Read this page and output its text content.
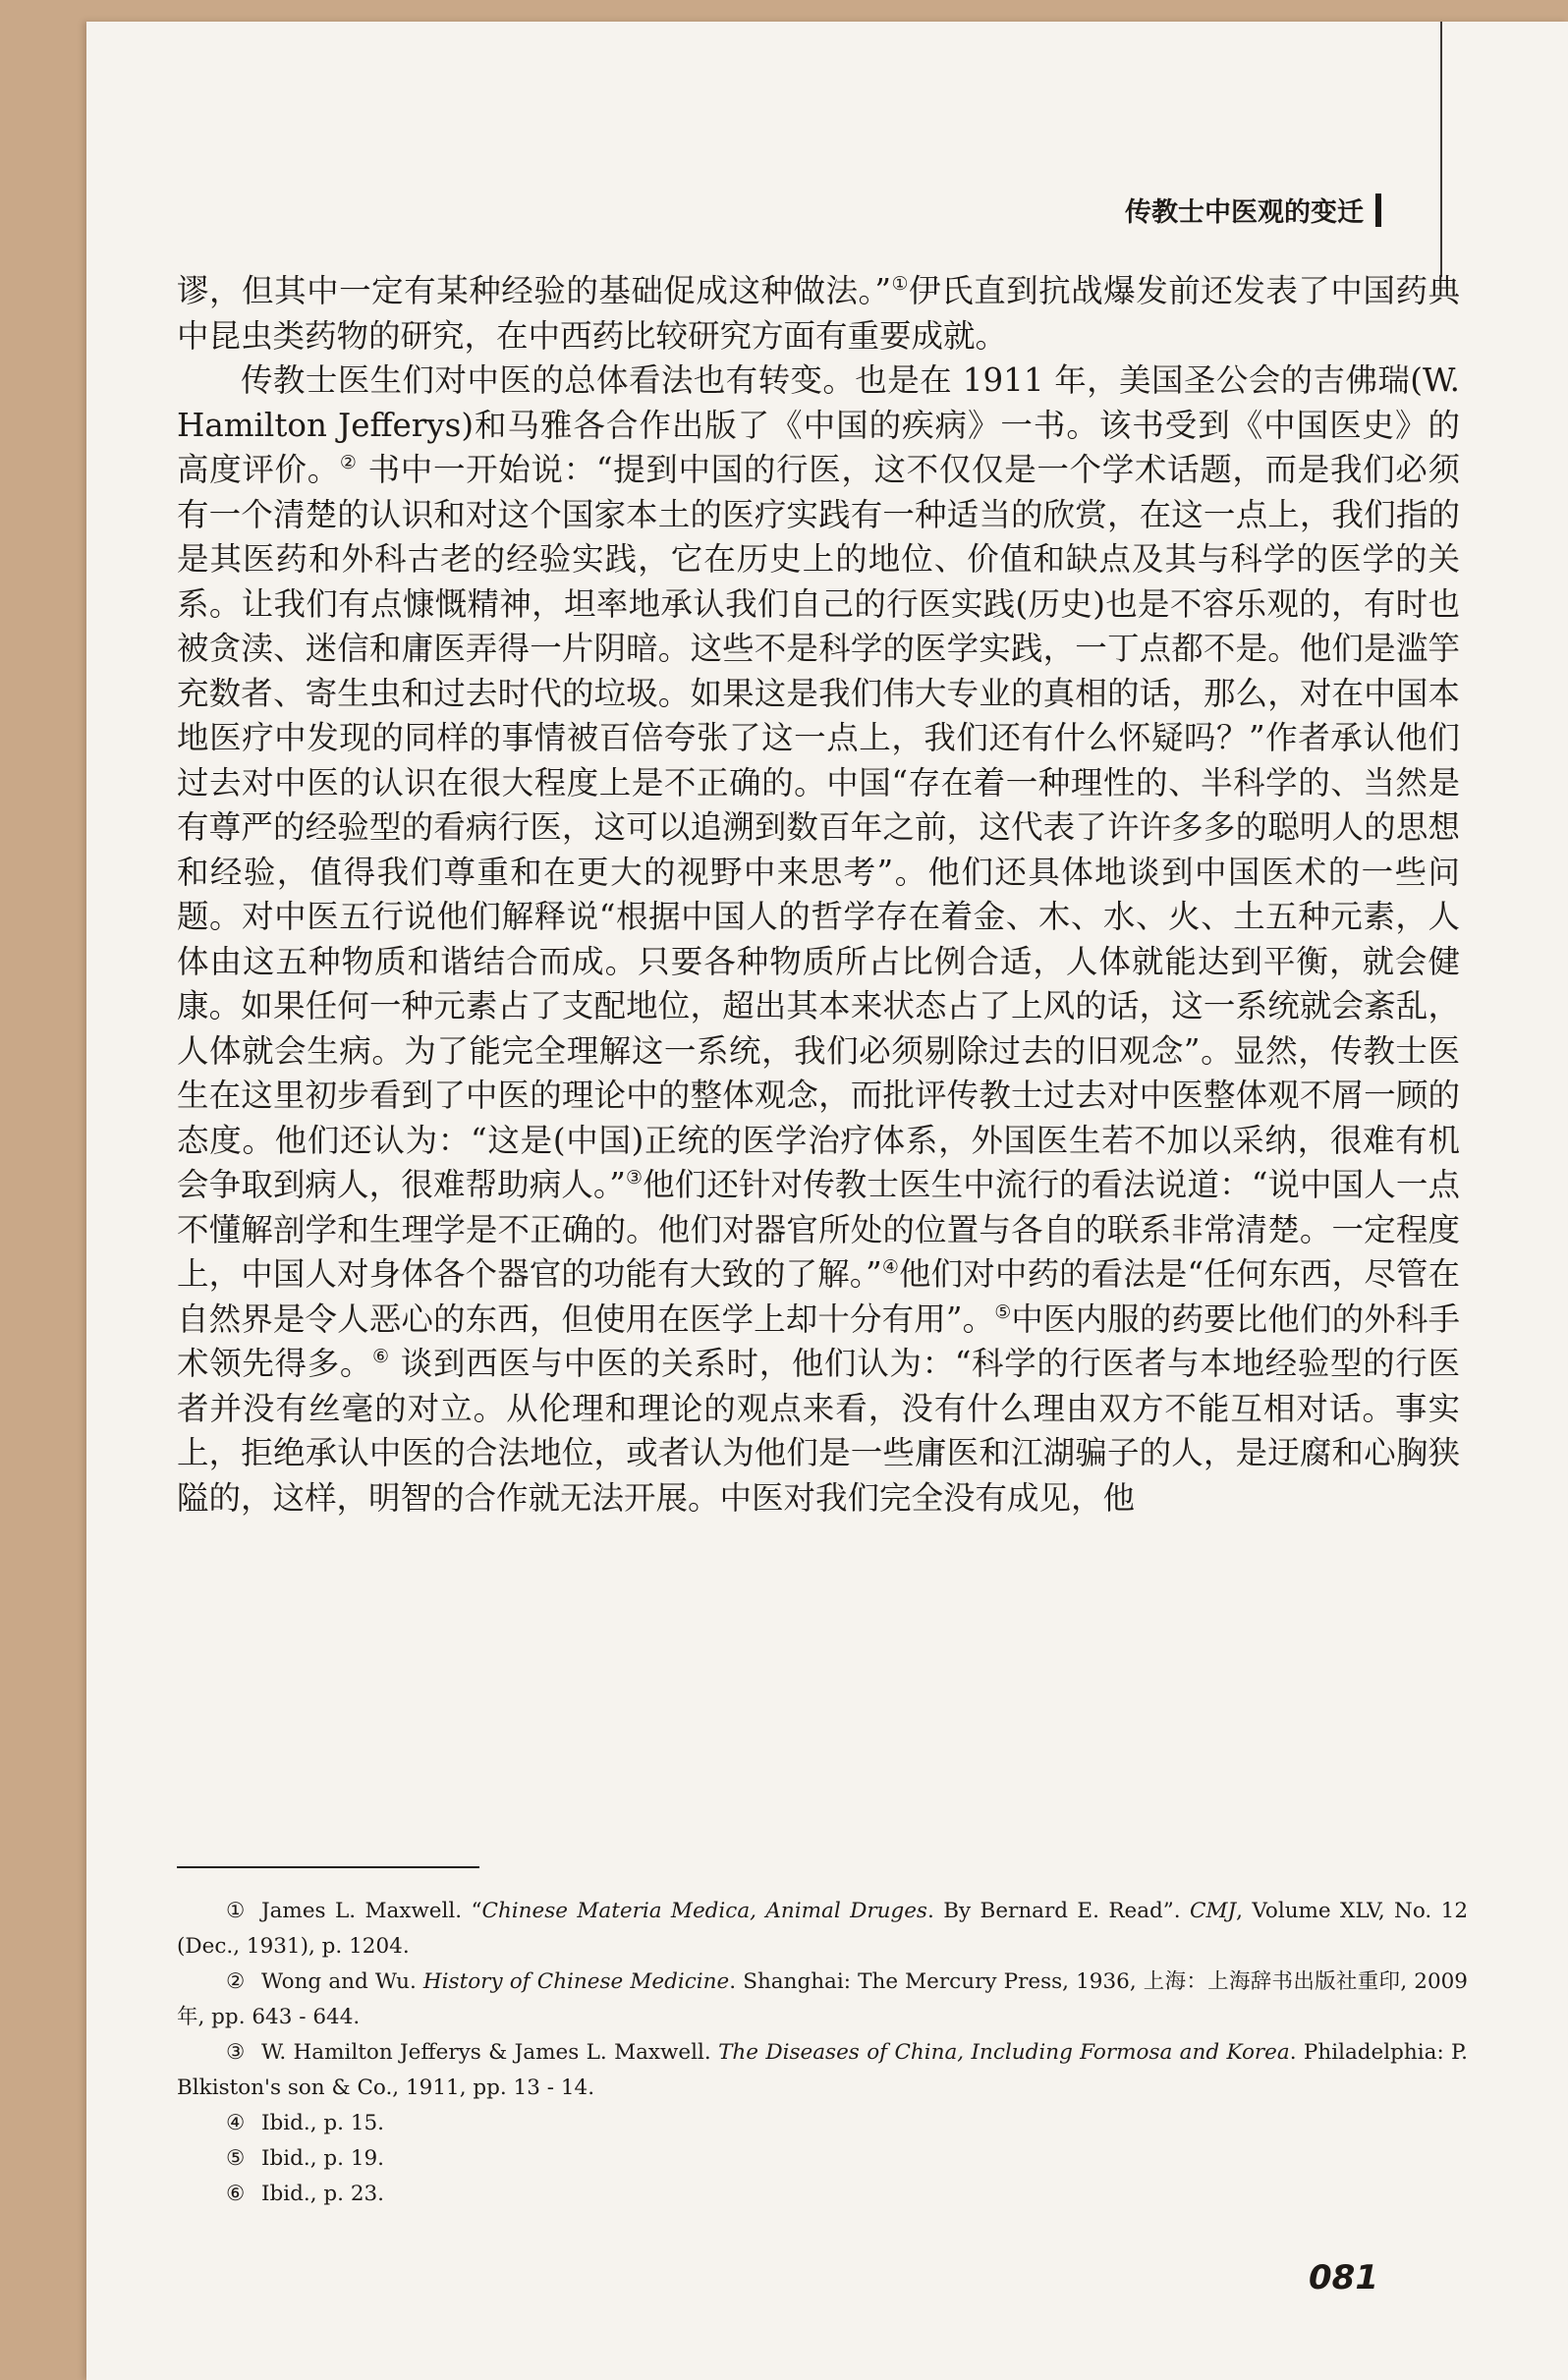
传教士中医观的变迁

谬，但其中一定有某种经验的基础促成这种做法。”①伊氏直到抗战爆发前还发表了中国药典中昆虫类药物的研究，在中西药比较研究方面有重要成就。

传教士医生们对中医的总体看法也有转变。也是在 1911 年，美国圣公会的吉佛瑞(W. Hamilton Jefferys)和马雅各合作出版了《中国的疾病》一书。该书受到《中国医史》的高度评价。② 书中一开始说：“提到中国的行医，这不仅仅是一个学术话题，而是我们必须有一个清楚的认识和对这个国家本土的医疗实践有一种适当的欣赏，在这一点上，我们指的是其医药和外科古老的经验实践，它在历史上的地位、价值和缺点及其与科学的医学的关系。让我们有点慷慨精神，坦率地承认我们自己的行医实践(历史)也是不容乐观的，有时也被贪渎、迷信和庸医弄得一片阴暗。这些不是科学的医学实践，一丁点都不是。他们是滥竽充数者、寄生虫和过去时代的垃圾。如果这是我们伟大专业的真相的话，那么，对在中国本地医疗中发现的同样的事情被百倍夸张了这一点上，我们还有什么怀疑吗？”作者承认他们过去对中医的认识在很大程度上是不正确的。中国“存在着一种理性的、半科学的、当然是有尊严的经验型的看病行医，这可以追溯到数百年之前，这代表了许许多多的聪明人的思想和经验，值得我们尊重和在更大的视野中来思考”。他们还具体地谈到中国医术的一些问题。对中医五行说他们解释说“根据中国人的哲学存在着金、木、水、火、土五种元素，人体由这五种物质和谐结合而成。只要各种物质所占比例合适，人体就能达到平衡，就会健康。如果任何一种元素占了支配地位，超出其本来状态占了上风的话，这一系统就会紊乱，人体就会生病。为了能完全理解这一系统，我们必须剔除过去的旧观念”。显然，传教士医生在这里初步看到了中医的理论中的整体观念，而批评传教士过去对中医整体观不屑一顾的态度。他们还认为：“这是(中国)正统的医学治疗体系，外国医生若不加以采纳，很难有机会争取到病人，很难帮助病人。”③他们还针对传教士医生中流行的看法说道：“说中国人一点不懂解剖学和生理学是不正确的。他们对器官所处的位置与各自的联系非常清楚。一定程度上，中国人对身体各个器官的功能有大致的了解。”④他们对中药的看法是“任何东西，尽管在自然界是令人恶心的东西，但使用在医学上却十分有用”。⑤中医内服的药要比他们的外科手术领先得多。⑥ 谈到西医与中医的关系时，他们认为：“科学的行医者与本地经验型的行医者并没有丝毫的对立。从伦理和理论的观点来看，没有什么理由双方不能互相对话。事实上，拒绝承认中医的合法地位，或者认为他们是一些庸医和江湖骗子的人，是迂腐和心胸狭隘的，这样，明智的合作就无法开展。中医对我们完全没有成见，他

① James L. Maxwell. “Chinese Materia Medica, Animal Druges. By Bernard E. Read”. CMJ, Volume XLV, No. 12 (Dec., 1931), p. 1204.

② Wong and Wu. History of Chinese Medicine. Shanghai: The Mercury Press, 1936, 上海：上海辞书出版社重印, 2009 年, pp. 643 - 644.

③ W. Hamilton Jefferys & James L. Maxwell. The Diseases of China, Including Formosa and Korea. Philadelphia: P. Blkiston's son & Co., 1911, pp. 13 - 14.

④ Ibid., p. 15.

⑤ Ibid., p. 19.

⑥ Ibid., p. 23.

081
